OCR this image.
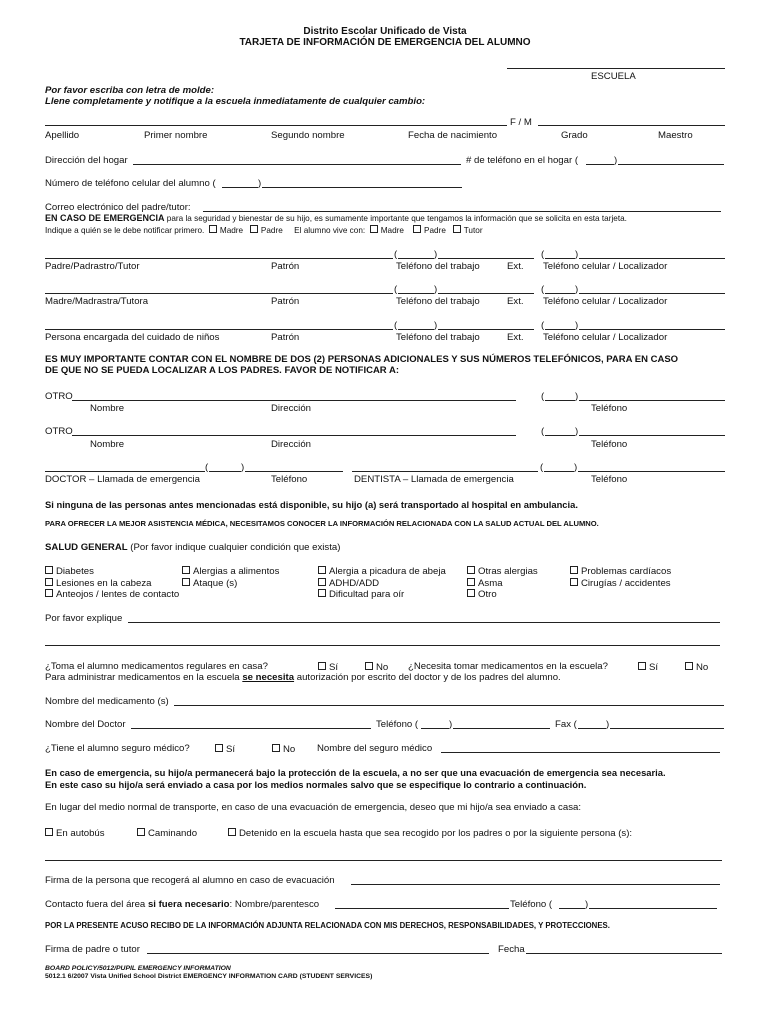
Distrito Escolar Unificado de Vista
TARJETA DE INFORMACIÓN DE EMERGENCIA DEL ALUMNO
ESCUELA
Por favor escriba con letra de molde:
Llene completamente y notifique a la escuela inmediatamente de cualquier cambio:
F / M
Apellido	Primer nombre	Segundo nombre	Fecha de nacimiento	Grado	Maestro
Dirección del hogar	# de teléfono en el hogar (	)
Número de teléfono celular del alumno (	)
Correo electrónico del padre/tutor:
EN CASO DE EMERGENCIA para la seguridad y bienestar de su hijo, es sumamente importante que tengamos la información que se solicita en esta tarjeta.
Indique a quién se le debe notificar primero. Madre Padre El alumno vive con: Madre Padre Tutor
(	)	(	)
Padre/Padrastro/Tutor	Patrón	Teléfono del trabajo	Ext. Teléfono celular / Localizador
(	)	(	)
Madre/Madrastra/Tutora	Patrón	Teléfono del trabajo	Ext. Teléfono celular / Localizador
(	)	(	)
Persona encargada del cuidado de niños	Patrón	Teléfono del trabajo	Ext. Teléfono celular / Localizador
ES MUY IMPORTANTE CONTAR CON EL NOMBRE DE DOS (2) PERSONAS ADICIONALES Y SUS NÚMEROS TELEFÓNICOS, PARA EN CASO
DE QUE NO SE PUEDA LOCALIZAR A LOS PADRES. FAVOR DE NOTIFICAR A:
OTRO	(	)
Nombre	Dirección	Teléfono
OTRO	(	)
Nombre	Dirección	Teléfono
(	)	(	)
DOCTOR – Llamada de emergencia	Teléfono	DENTISTA – Llamada de emergencia	Teléfono
Si ninguna de las personas antes mencionadas está disponible, su hijo (a) será transportado al hospital en ambulancia.
PARA OFRECER LA MEJOR ASISTENCIA MÉDICA, NECESITAMOS CONOCER LA INFORMACIÓN RELACIONADA CON LA SALUD ACTUAL DEL ALUMNO.
SALUD GENERAL (Por favor indique cualquier condición que exista)
Diabetes
Lesiones en la cabeza
Anteojos / lentes de contacto
Alergias a alimentos
Ataque (s)
Alergia a picadura de abeja
ADHD/ADD
Dificultad para oír
Otras alergias
Asma
Otro
Problemas cardíacos
Cirugías / accidentes
Por favor explique
¿Toma el alumno medicamentos regulares en casa?	Sí	No ¿Necesita tomar medicamentos en la escuela?	Sí	No
Para administrar medicamentos en la escuela se necesita autorización por escrito del doctor y de los padres del alumno.
Nombre del medicamento (s)
Nombre del Doctor	Teléfono (	)	Fax (	)
¿Tiene el alumno seguro médico?	Sí	No Nombre del seguro médico
En caso de emergencia, su hijo/a permanecerá bajo la protección de la escuela, a no ser que una evacuación de emergencia sea necesaria.
En este caso su hijo/a será enviado a casa por los medios normales salvo que se especifique lo contrario a continuación.
En lugar del medio normal de transporte, en caso de una evacuación de emergencia, deseo que mi hijo/a sea enviado a casa:
En autobús	Caminando	Detenido en la escuela hasta que sea recogido por los padres o por la siguiente persona (s):
Firma de la persona que recogerá al alumno en caso de evacuación
Contacto fuera del área si fuera necesario: Nombre/parentesco	Teléfono (	)
POR LA PRESENTE ACUSO RECIBO DE LA INFORMACIÓN ADJUNTA RELACIONADA CON MIS DERECHOS, RESPONSABILIDADES, Y PROTECCIONES.
Firma de padre o tutor	Fecha
BOARD POLICY/5012/PUPIL EMERGENCY INFORMATION
5012.1 6/2007 Vista Unified School District EMERGENCY INFORMATION CARD (STUDENT SERVICES)
